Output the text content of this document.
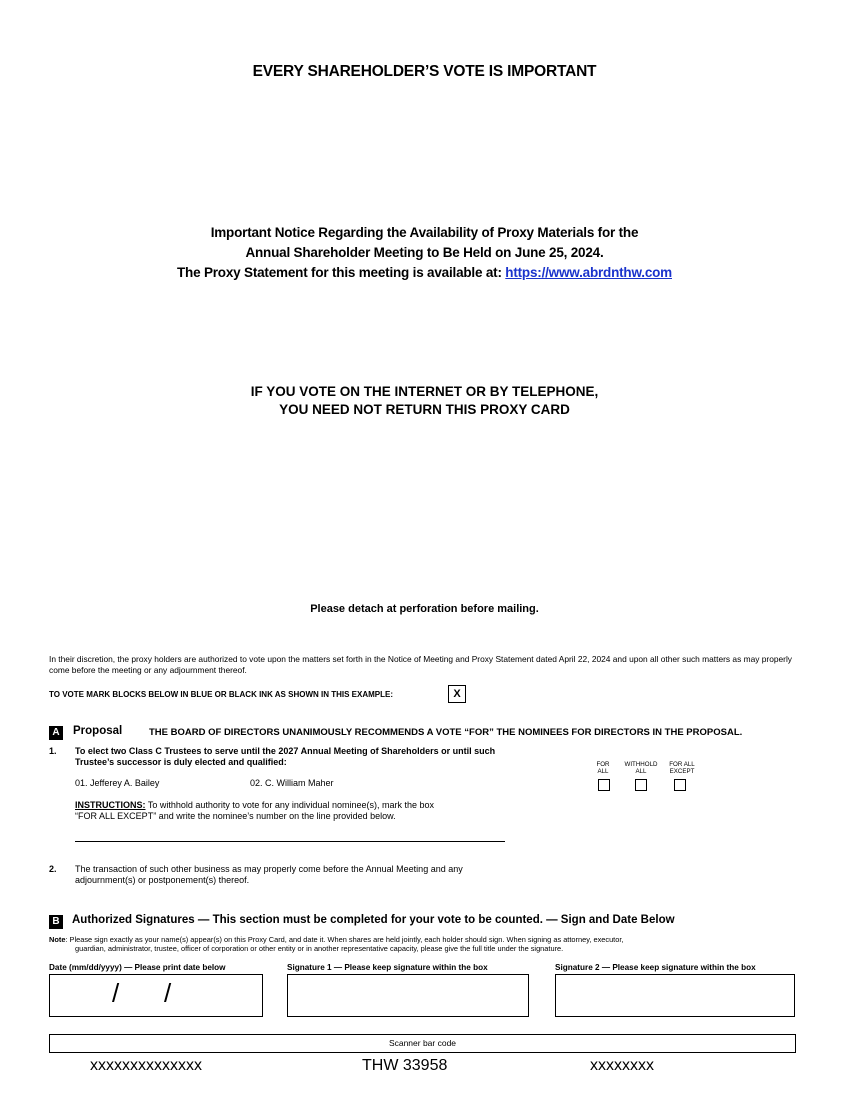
EVERY SHAREHOLDER’S VOTE IS IMPORTANT
Important Notice Regarding the Availability of Proxy Materials for the
Annual Shareholder Meeting to Be Held on June 25, 2024.
The Proxy Statement for this meeting is available at: https://www.abrdnthw.com
IF YOU VOTE ON THE INTERNET OR BY TELEPHONE,
YOU NEED NOT RETURN THIS PROXY CARD
Please detach at perforation before mailing.
In their discretion, the proxy holders are authorized to vote upon the matters set forth in the Notice of Meeting and Proxy Statement dated April 22, 2024 and upon all other such matters as may properly come before the meeting or any adjournment thereof.
TO VOTE MARK BLOCKS BELOW IN BLUE OR BLACK INK AS SHOWN IN THIS EXAMPLE:	X
A Proposal	THE BOARD OF DIRECTORS UNANIMOUSLY RECOMMENDS A VOTE “FOR” THE NOMINEES FOR DIRECTORS IN THE PROPOSAL.
1. To elect two Class C Trustees to serve until the 2027 Annual Meeting of Shareholders or until such
Trustee’s successor is duly elected and qualified:
01. Jefferey A. Bailey	02. C. William Maher
FOR
ALL
WITHHOLD
ALL
FOR ALL
EXCEPT
INSTRUCTIONS: To withhold authority to vote for any individual nominee(s), mark the box
“FOR ALL EXCEPT” and write the nominee’s number on the line provided below.
2. The transaction of such other business as may properly come before the Annual Meeting and any
adjournment(s) or postponement(s) thereof.
B Authorized Signatures — This section must be completed for your vote to be counted. — Sign and Date Below
Note: Please sign exactly as your name(s) appear(s) on this Proxy Card, and date it. When shares are held jointly, each holder should sign. When signing as attorney, executor,
guardian, administrator, trustee, officer of corporation or other entity or in another representative capacity, please give the full title under the signature.
Date (mm/dd/yyyy) — Please print date below	Signature 1 — Please keep signature within the box	Signature 2 — Please keep signature within the box
/ /
Scanner bar code
xxxxxxxxxxxxxx	THW 33958	xxxxxxxx
